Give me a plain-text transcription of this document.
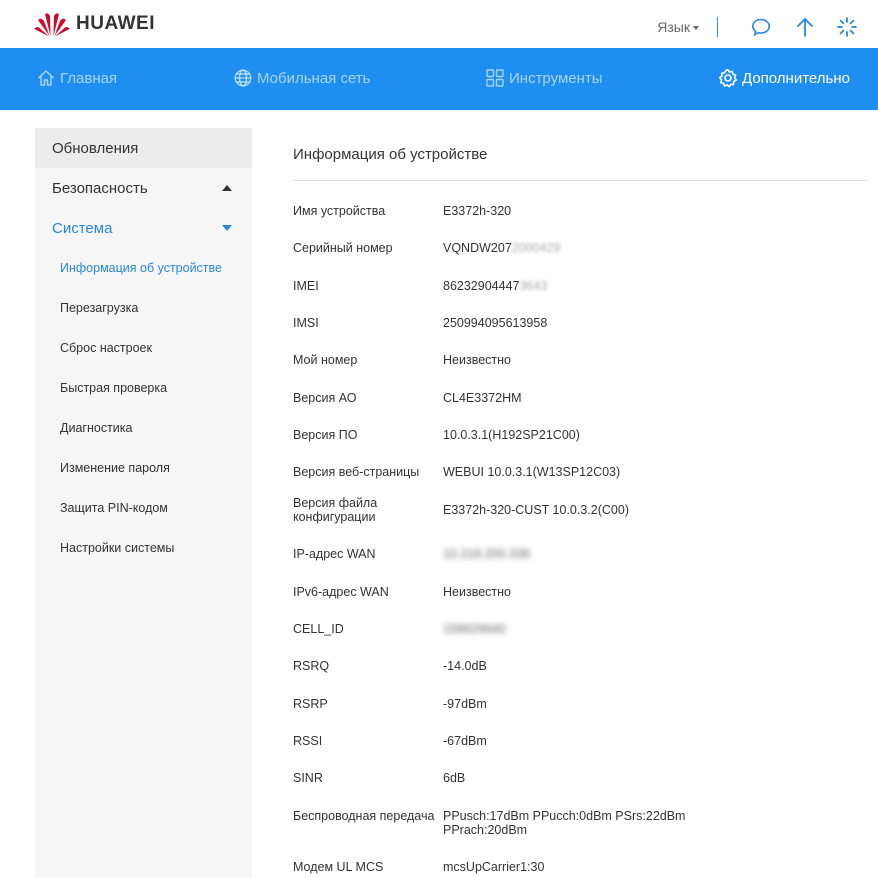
HUAWEI	Язык
Главная	Мобильная сеть	Инструменты	Дополнительно
Обновления
Безопасность
Система
Информация об устройстве
Перезагрузка
Сброс настроек
Быстрая проверка
Диагностика
Изменение пароля
Защита PIN-кодом
Настройки системы
Информация об устройстве
Имя устройства	E3372h-320
Серийный номер	VQNDW2072000429
IMEI	862329044473643
IMSI	250994095613958
Мой номер	Неизвестно
Версия АО	CL4E3372HM
Версия ПО	10.0.3.1(H192SP21C00)
Версия веб-страницы	WEBUI 10.0.3.1(W13SP12C03)
Версия файла конфигурации	E3372h-320-CUST 10.0.3.2(C00)
IP-адрес WAN	10.218.200.336
IPv6-адрес WAN	Неизвестно
CELL_ID	158629640
RSRQ	-14.0dB
RSRP	-97dBm
RSSI	-67dBm
SINR	6dB
Беспроводная передача PPusch:17dBm PPucch:0dBm PSrs:22dBm
PPrach:20dBm
Модем UL MCS	mcsUpCarrier1:30
